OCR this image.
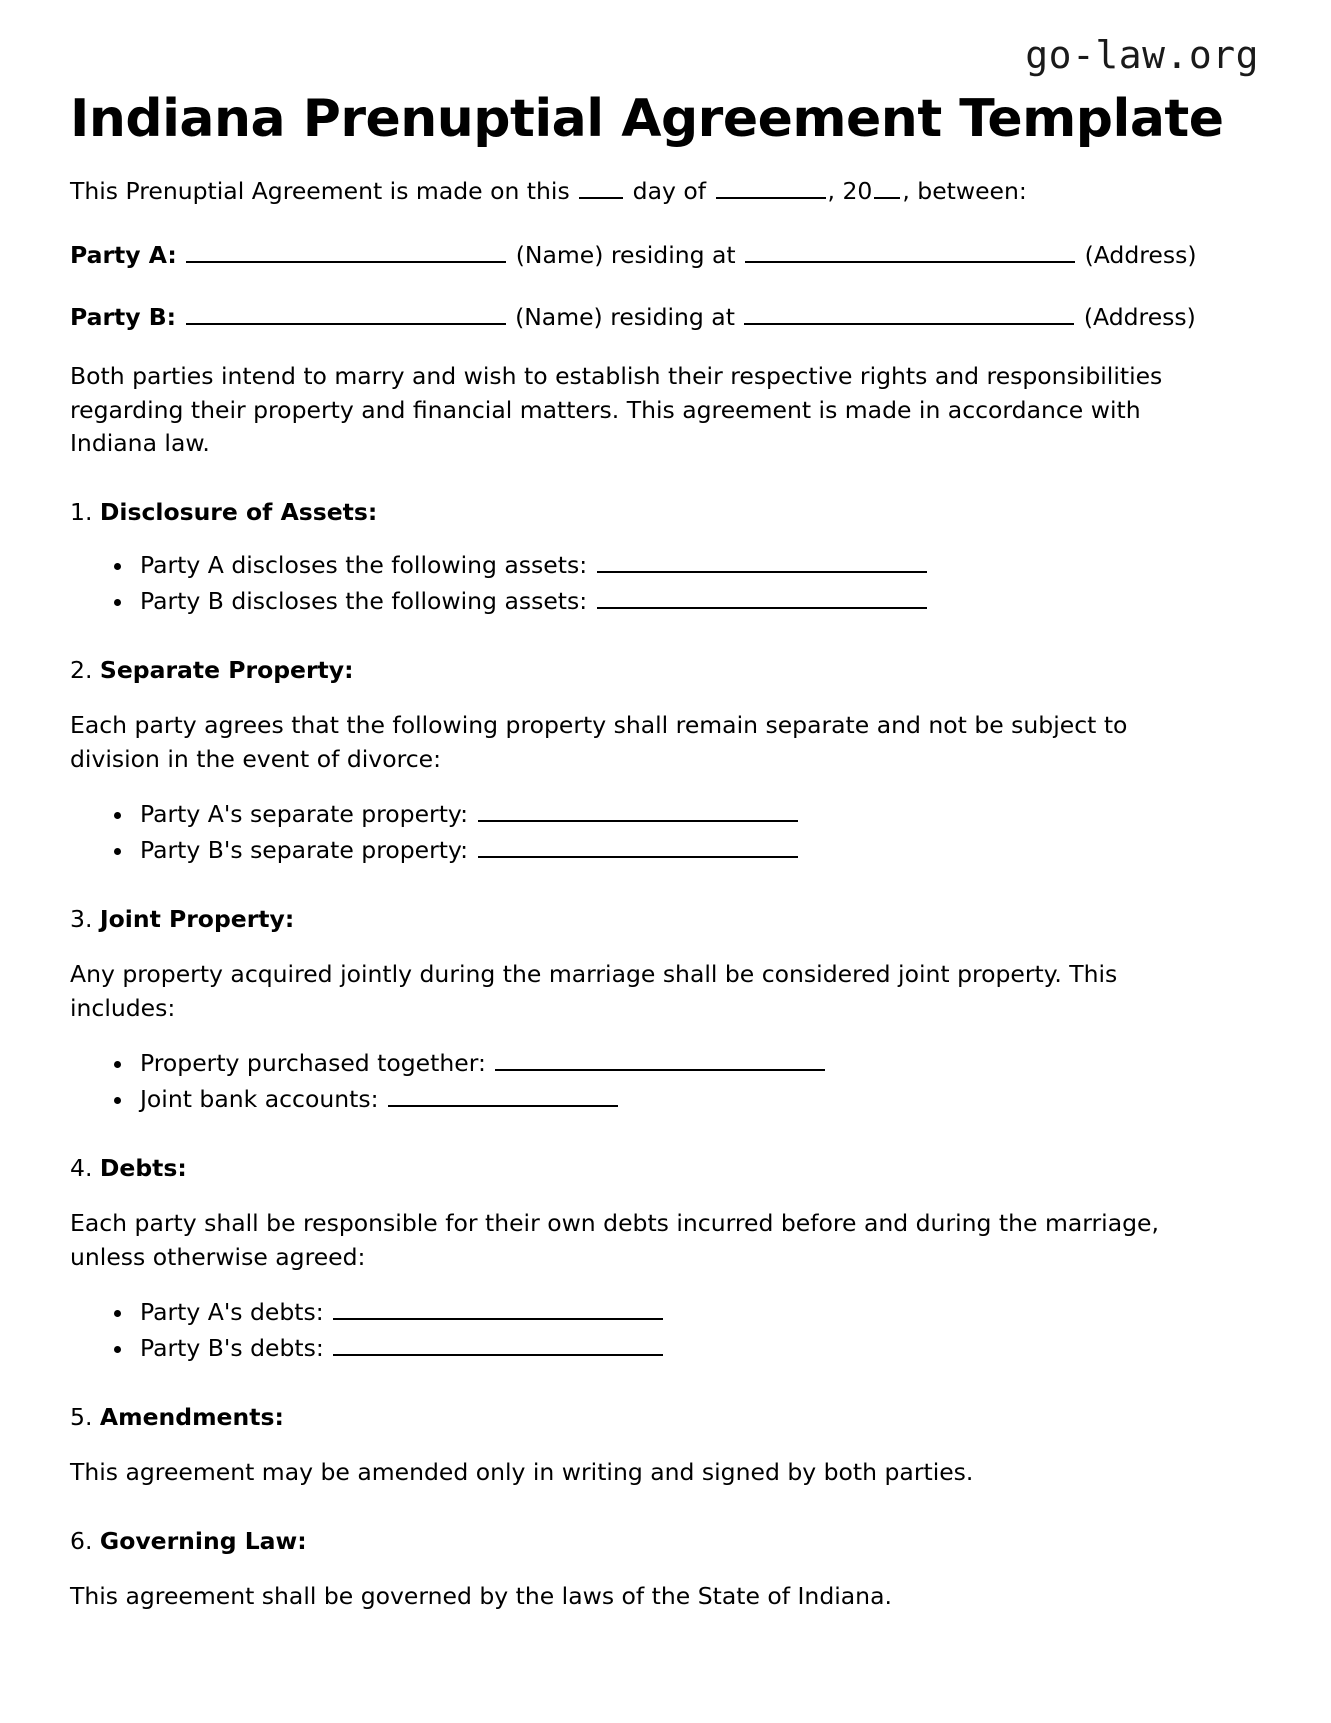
go-law.org
Indiana Prenuptial Agreement Template

This Prenuptial Agreement is made on this	day of	, 20 , between:

Party A:	(Name) residing at	(Address)

Party B:	(Name) residing at	(Address)

Both parties intend to marry and wish to establish their respective rights and responsibilities regarding their property and financial matters. This agreement is made in accordance with Indiana law.

1. Disclosure of Assets:

Party A discloses the following assets:
Party B discloses the following assets:

2. Separate Property:

Each party agrees that the following property shall remain separate and not be subject to division in the event of divorce:

Party A's separate property:
Party B's separate property:

3. Joint Property:

Any property acquired jointly during the marriage shall be considered joint property. This includes:

Property purchased together:
Joint bank accounts:

4. Debts:

Each party shall be responsible for their own debts incurred before and during the marriage, unless otherwise agreed:

Party A's debts:
Party B's debts:

5. Amendments:

This agreement may be amended only in writing and signed by both parties.

6. Governing Law:

This agreement shall be governed by the laws of the State of Indiana.
